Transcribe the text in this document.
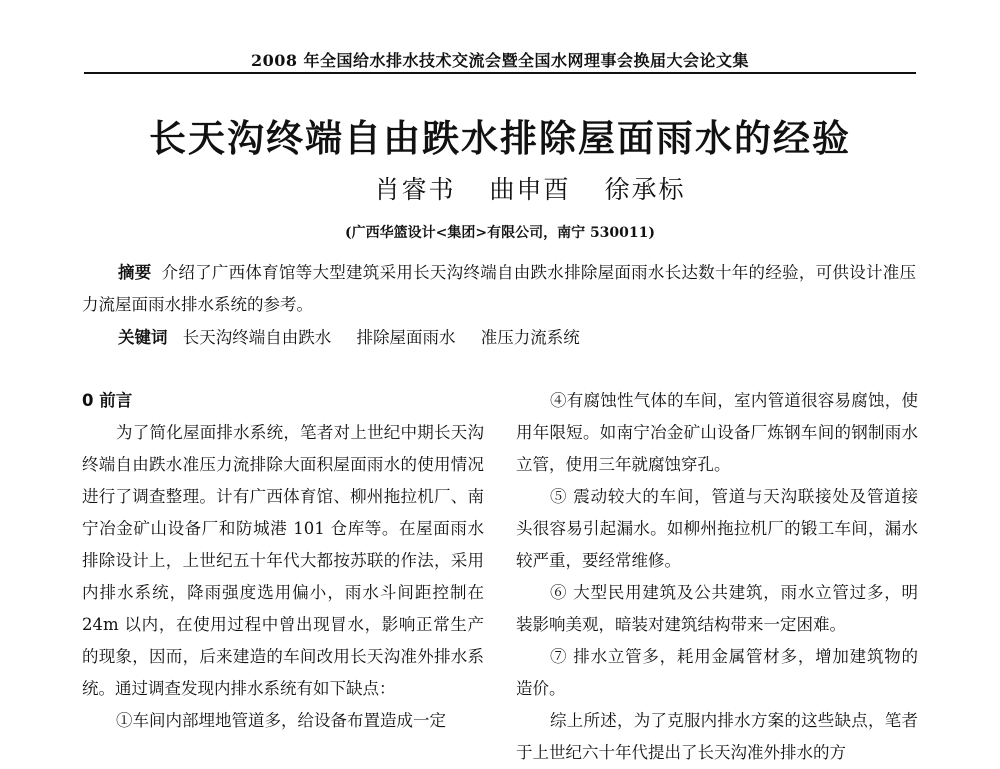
2008 年全国给水排水技术交流会暨全国水网理事会换届大会论文集
长天沟终端自由跌水排除屋面雨水的经验
肖睿书 曲申酉 徐承标
(广西华篮设计<集团>有限公司，南宁 530011)
摘要 介绍了广西体育馆等大型建筑采用长天沟终端自由跌水排除屋面雨水长达数十年的经验，可供设计准压力流屋面雨水排水系统的参考。
关键词 长天沟终端自由跌水 排除屋面雨水 准压力流系统

0 前言

为了简化屋面排水系统，笔者对上世纪中期长天沟终端自由跌水准压力流排除大面积屋面雨水的使用情况进行了调查整理。计有广西体育馆、柳州拖拉机厂、南宁冶金矿山设备厂和防城港 101 仓库等。在屋面雨水排除设计上，上世纪五十年代大都按苏联的作法，采用内排水系统，降雨强度选用偏小，雨水斗间距控制在 24m 以内，在使用过程中曾出现冒水，影响正常生产的现象，因而，后来建造的车间改用长天沟准外排水系统。通过调查发现内排水系统有如下缺点：

①车间内部埋地管道多，给设备布置造成一定

④有腐蚀性气体的车间，室内管道很容易腐蚀，使用年限短。如南宁冶金矿山设备厂炼钢车间的钢制雨水立管，使用三年就腐蚀穿孔。

⑤ 震动较大的车间，管道与天沟联接处及管道接头很容易引起漏水。如柳州拖拉机厂的锻工车间，漏水较严重，要经常维修。

⑥ 大型民用建筑及公共建筑，雨水立管过多，明装影响美观，暗装对建筑结构带来一定困难。

⑦ 排水立管多，耗用金属管材多，增加建筑物的造价。

综上所述，为了克服内排水方案的这些缺点，笔者于上世纪六十年代提出了长天沟准外排水的方
